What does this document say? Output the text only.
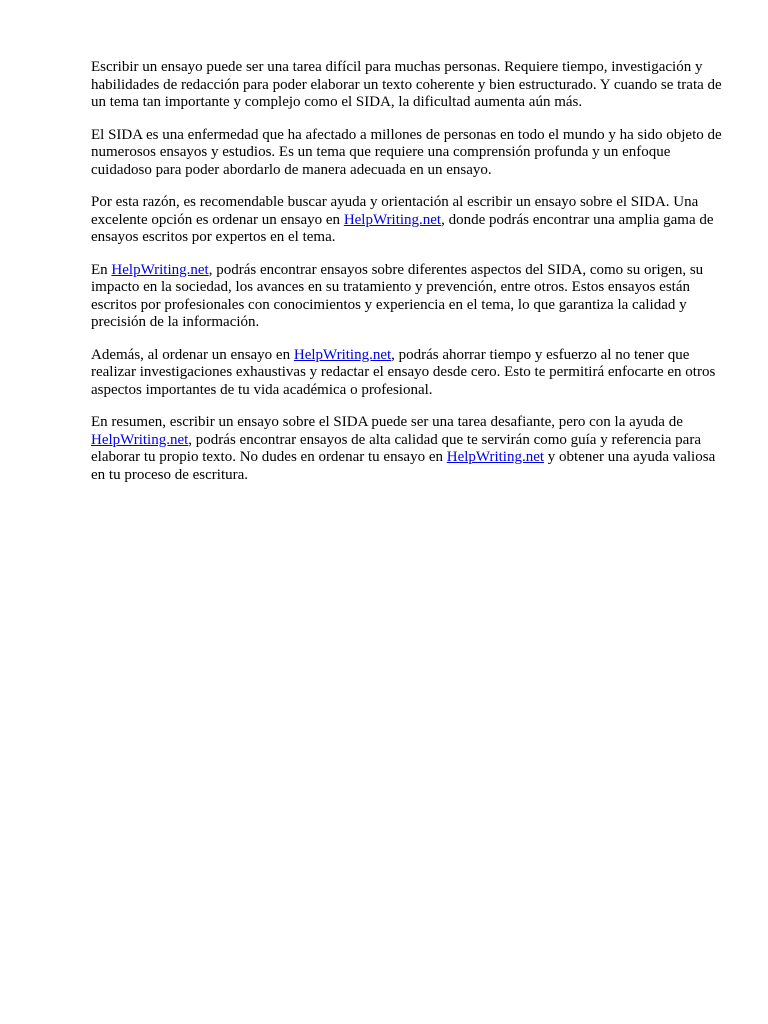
Escribir un ensayo puede ser una tarea difícil para muchas personas. Requiere tiempo, investigación y habilidades de redacción para poder elaborar un texto coherente y bien estructurado. Y cuando se trata de un tema tan importante y complejo como el SIDA, la dificultad aumenta aún más.

El SIDA es una enfermedad que ha afectado a millones de personas en todo el mundo y ha sido objeto de numerosos ensayos y estudios. Es un tema que requiere una comprensión profunda y un enfoque cuidadoso para poder abordarlo de manera adecuada en un ensayo.

Por esta razón, es recomendable buscar ayuda y orientación al escribir un ensayo sobre el SIDA. Una excelente opción es ordenar un ensayo en HelpWriting.net, donde podrás encontrar una amplia gama de ensayos escritos por expertos en el tema.

En HelpWriting.net, podrás encontrar ensayos sobre diferentes aspectos del SIDA, como su origen, su impacto en la sociedad, los avances en su tratamiento y prevención, entre otros. Estos ensayos están escritos por profesionales con conocimientos y experiencia en el tema, lo que garantiza la calidad y precisión de la información.

Además, al ordenar un ensayo en HelpWriting.net, podrás ahorrar tiempo y esfuerzo al no tener que realizar investigaciones exhaustivas y redactar el ensayo desde cero. Esto te permitirá enfocarte en otros aspectos importantes de tu vida académica o profesional.

En resumen, escribir un ensayo sobre el SIDA puede ser una tarea desafiante, pero con la ayuda de HelpWriting.net, podrás encontrar ensayos de alta calidad que te servirán como guía y referencia para elaborar tu propio texto. No dudes en ordenar tu ensayo en HelpWriting.net y obtener una ayuda valiosa en tu proceso de escritura.
